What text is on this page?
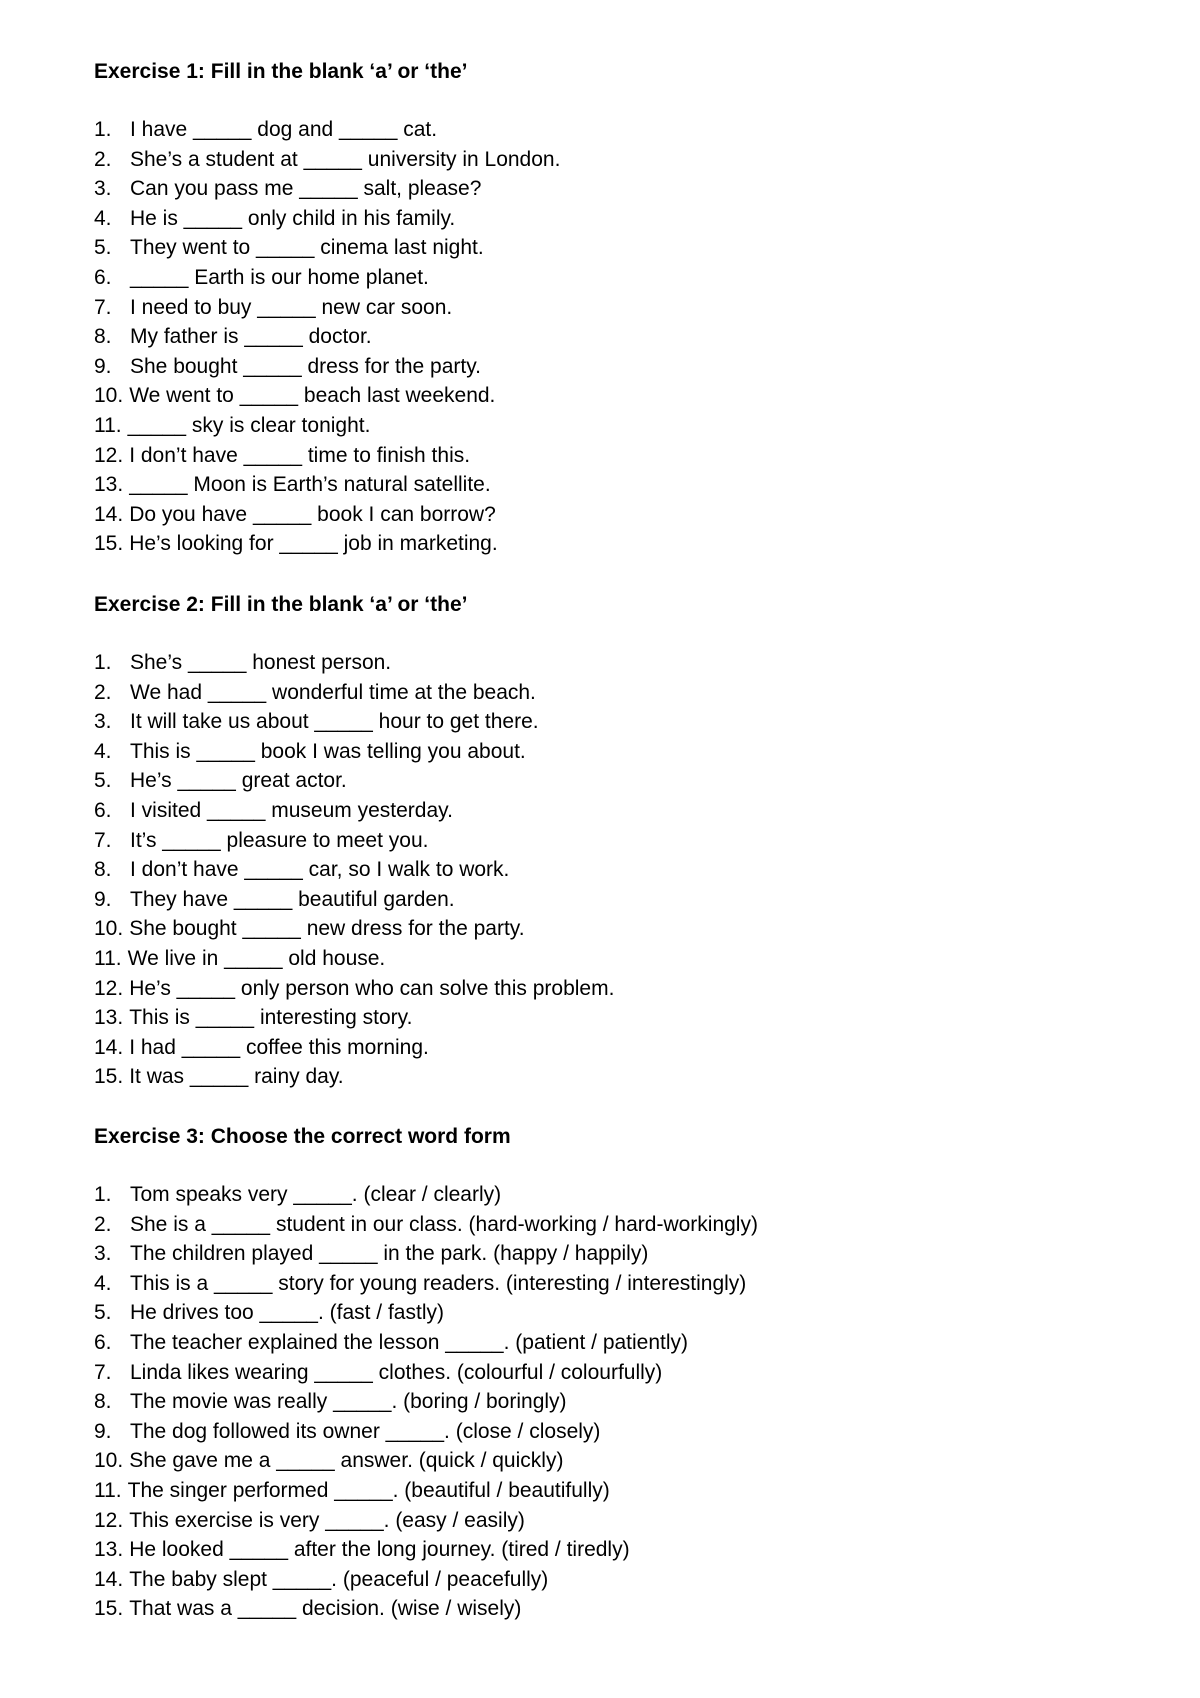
Exercise 1: Fill in the blank ‘a’ or ‘the’
1. I have _____ dog and _____ cat.
2. She’s a student at _____ university in London.
3. Can you pass me _____ salt, please?
4. He is _____ only child in his family.
5. They went to _____ cinema last night.
6. _____ Earth is our home planet.
7. I need to buy _____ new car soon.
8. My father is _____ doctor.
9. She bought _____ dress for the party.
10. We went to _____ beach last weekend.
11. _____ sky is clear tonight.
12. I don’t have _____ time to finish this.
13. _____ Moon is Earth’s natural satellite.
14. Do you have _____ book I can borrow?
15. He’s looking for _____ job in marketing.
Exercise 2: Fill in the blank ‘a’ or ‘the’
1. She’s _____ honest person.
2. We had _____ wonderful time at the beach.
3. It will take us about _____ hour to get there.
4. This is _____ book I was telling you about.
5. He’s _____ great actor.
6. I visited _____ museum yesterday.
7. It’s _____ pleasure to meet you.
8. I don’t have _____ car, so I walk to work.
9. They have _____ beautiful garden.
10. She bought _____ new dress for the party.
11. We live in _____ old house.
12. He’s _____ only person who can solve this problem.
13. This is _____ interesting story.
14. I had _____ coffee this morning.
15. It was _____ rainy day.
Exercise 3: Choose the correct word form
1. Tom speaks very _____. (clear / clearly)
2. She is a _____ student in our class. (hard-working / hard-workingly)
3. The children played _____ in the park. (happy / happily)
4. This is a _____ story for young readers. (interesting / interestingly)
5. He drives too _____. (fast / fastly)
6. The teacher explained the lesson _____. (patient / patiently)
7. Linda likes wearing _____ clothes. (colourful / colourfully)
8. The movie was really _____. (boring / boringly)
9. The dog followed its owner _____. (close / closely)
10. She gave me a _____ answer. (quick / quickly)
11. The singer performed _____. (beautiful / beautifully)
12. This exercise is very _____. (easy / easily)
13. He looked _____ after the long journey. (tired / tiredly)
14. The baby slept _____. (peaceful / peacefully)
15. That was a _____ decision. (wise / wisely)
